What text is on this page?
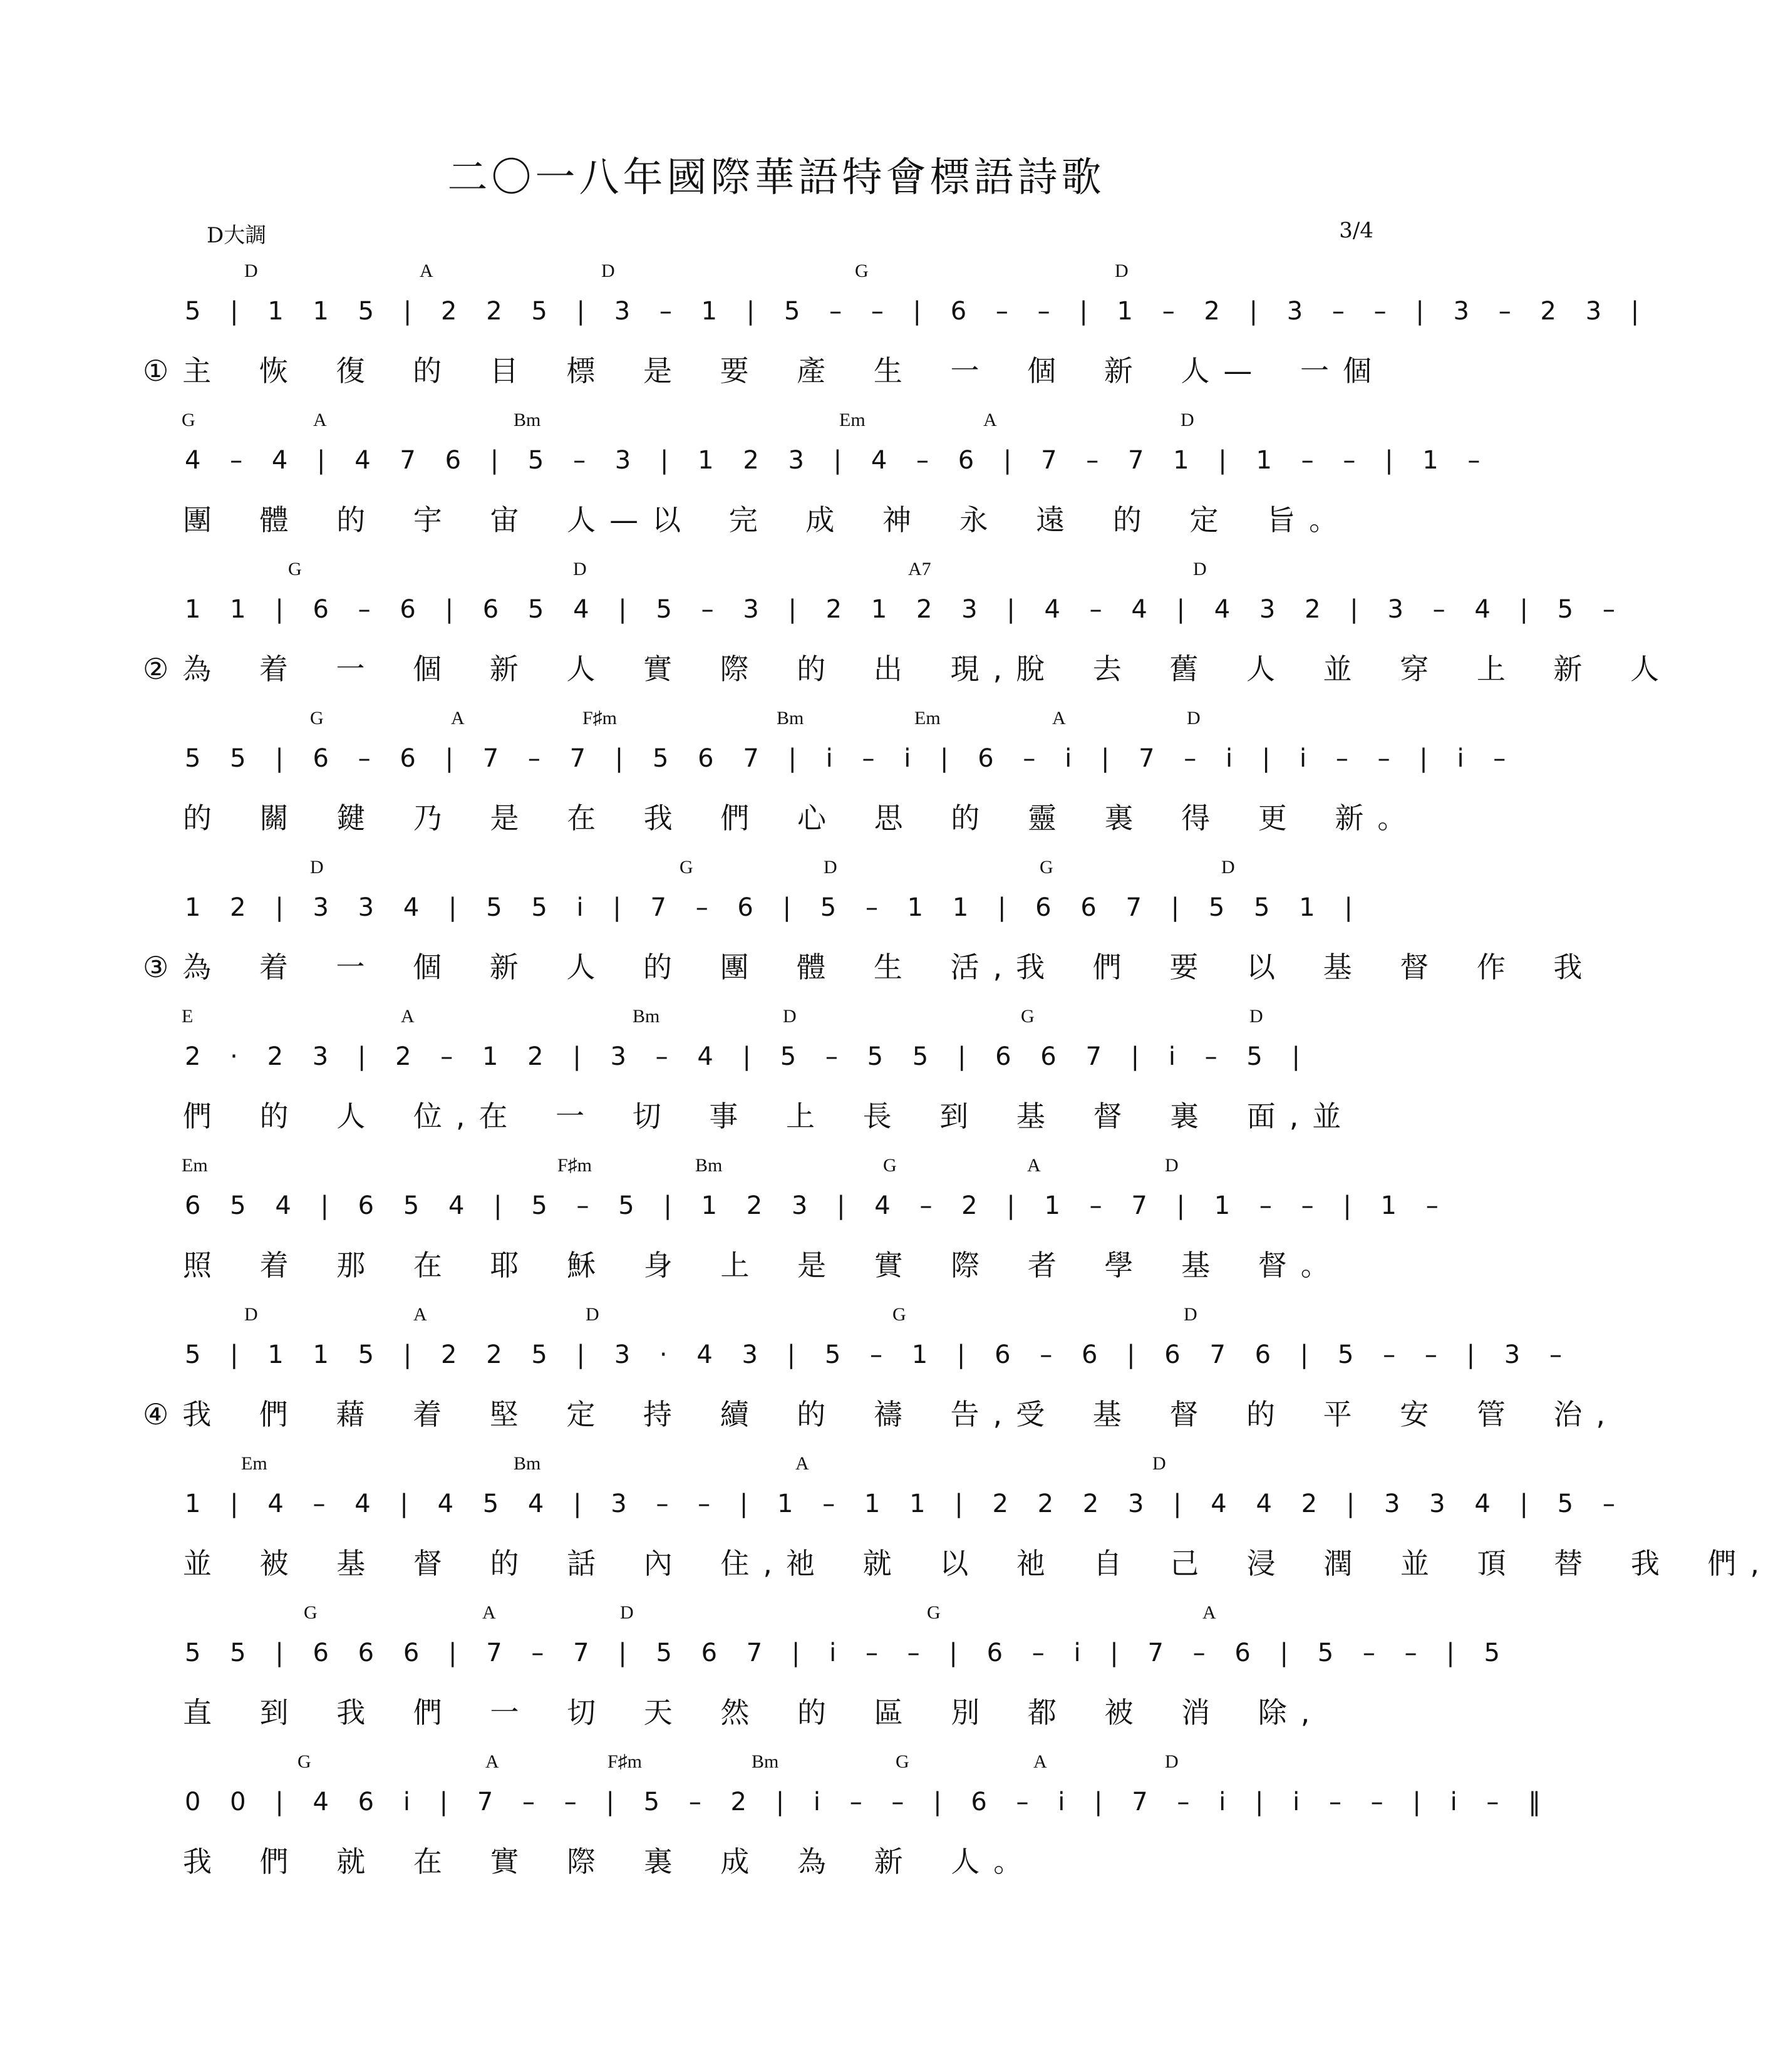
二〇一八年國際華語特會標語詩歌
D大調	3/4
D	A	D	G	D
5 | 1 1 5 | 2 2 5 | 3 – 1 | 5 – – | 6 – – | 1 – 2 | 3 – – | 3 – 2 3 |
①主 恢 復 的 目 標 是 要 產 生 一 個 新 人— 一個
G	A	Bm	Em	A	D
4 – 4 | 4 7 6 | 5 – 3 | 1 2 3 | 4 – 6 | 7 – 7 1 | 1 – – | 1 –
團 體 的 宇 宙 人—以 完 成 神 永 遠 的 定 旨。
G	D	A7	D
1 1 | 6 – 6 | 6 5 4 | 5 – 3 | 2 1 2 3 | 4 – 4 | 4 3 2 | 3 – 4 | 5 –
②為 着 一 個 新 人 實 際 的 出 現,脫 去 舊 人 並 穿 上 新 人
G	A	F♯m	Bm	Em	A	D
5 5 | 6 – 6 | 7 – 7 | 5 6 7 | i – i | 6 – i | 7 – i | i – – | i –
的 關 鍵 乃 是 在 我 們 心 思 的 靈 裏 得 更 新。
D	G	D	G	D
1 2 | 3 3 4 | 5 5 i | 7 – 6 | 5 – 1 1 | 6 6 7 | 5 5 1 |
③為 着 一 個 新 人 的 團 體 生 活,我 們 要 以 基 督 作 我
E	A	Bm	D	G	D
2 · 2 3 | 2 – 1 2 | 3 – 4 | 5 – 5 5 | 6 6 7 | i – 5 |
們 的 人 位,在 一 切 事 上 長 到 基 督 裏 面,並
Em	F♯m	Bm	G	A	D
6 5 4 | 6 5 4 | 5 – 5 | 1 2 3 | 4 – 2 | 1 – 7 | 1 – – | 1 –
照 着 那 在 耶 穌 身 上 是 實 際 者 學 基 督。
D	A	D	G	D
5 | 1 1 5 | 2 2 5 | 3 · 4 3 | 5 – 1 | 6 – 6 | 6 7 6 | 5 – – | 3 –
④我 們 藉 着 堅 定 持 續 的 禱 告,受 基 督 的 平 安 管 治,
Em	Bm	A	D
1 | 4 – 4 | 4 5 4 | 3 – – | 1 – 1 1 | 2 2 2 3 | 4 4 2 | 3 3 4 | 5 –
並 被 基 督 的 話 內 住,祂 就 以 祂 自 己 浸 潤 並 頂 替 我 們,
G	A	D	G	A
5 5 | 6 6 6 | 7 – 7 | 5 6 7 | i – – | 6 – i | 7 – 6 | 5 – – | 5
直 到 我 們 一 切 天 然 的 區 別 都 被 消 除,
G	A	F♯m	Bm	G	A	D
0 0 | 4 6 i | 7 – – | 5 – 2 | i – – | 6 – i | 7 – i | i – – | i – ‖
我 們 就 在 實 際 裏 成 為 新 人。
